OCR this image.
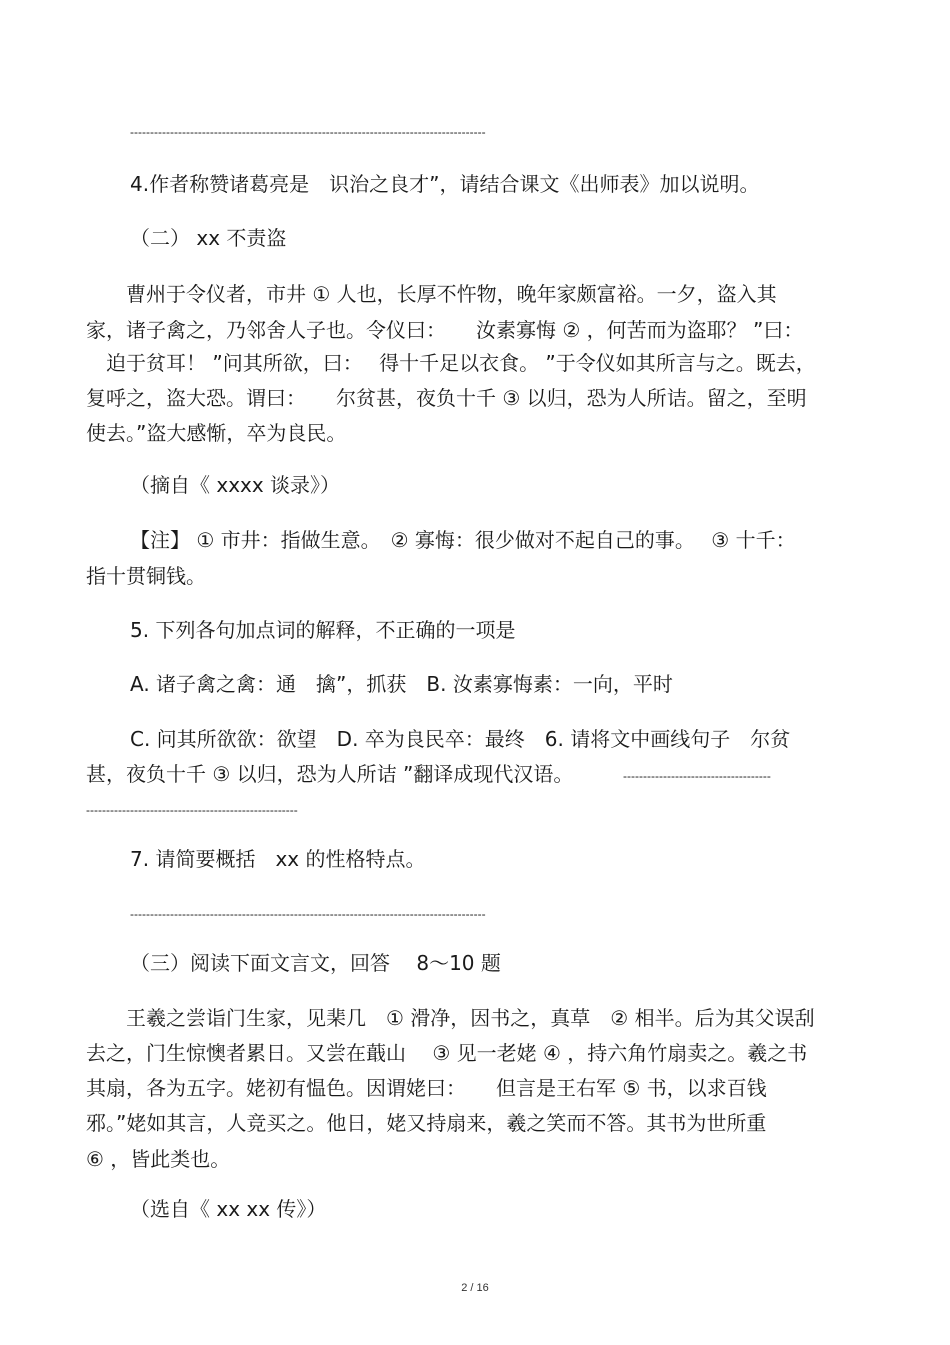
-----------------------------------------------------------------------------------------

4.作者称赞诸葛亮是　识治之良才”，请结合课文《出师表》加以说明。

（二） xx 不责盗

　　曹州于令仪者，市井 ① 人也，长厚不忤物，晚年家颇富裕。一夕，盗入其

家，诸子禽之，乃邻舍人子也。令仪曰：　　汝素寡悔 ② ，何苦而为盗耶？ ”曰：

　迫于贫耳！ ”问其所欲，曰：　 得十千足以衣食。 ”于令仪如其所言与之。既去，

复呼之，盗大恐。谓曰：　　尔贫甚，夜负十千 ③ 以归，恐为人所诘。留之，至明

使去。”盗大感惭，卒为良民。

（摘自《 xxxx 谈录》）

【注】 ① 市井：指做生意。　② 寡悔：很少做对不起自己的事。　 ③ 十千：

指十贯铜钱。

5. 下列各句加点词的解释，不正确的一项是

A. 诸子禽之禽：通　擒”，抓获　B. 汝素寡悔素：一向，平时

C. 问其所欲欲：欲望　D. 卒为良民卒：最终　6. 请将文中画线句子　尔贫

甚，夜负十千 ③ 以归，恐为人所诘 ”翻译成现代汉语。	-------------------------------------

-----------------------------------------------------

7. 请简要概括　xx 的性格特点。

-----------------------------------------------------------------------------------------

（三）阅读下面文言文，回答　 8～10 题

　　王羲之尝诣门生家，见棐几　① 滑净，因书之，真草　② 相半。后为其父误刮

去之，门生惊懊者累日。又尝在蕺山　 ③ 见一老姥 ④ ，持六角竹扇卖之。羲之书

其扇，各为五字。姥初有愠色。因谓姥曰：　　但言是王右军 ⑤ 书，以求百钱

邪。”姥如其言，人竞买之。他日，姥又持扇来，羲之笑而不答。其书为世所重

⑥ ，皆此类也。

（选自《 xx xx 传》）

2 / 16
